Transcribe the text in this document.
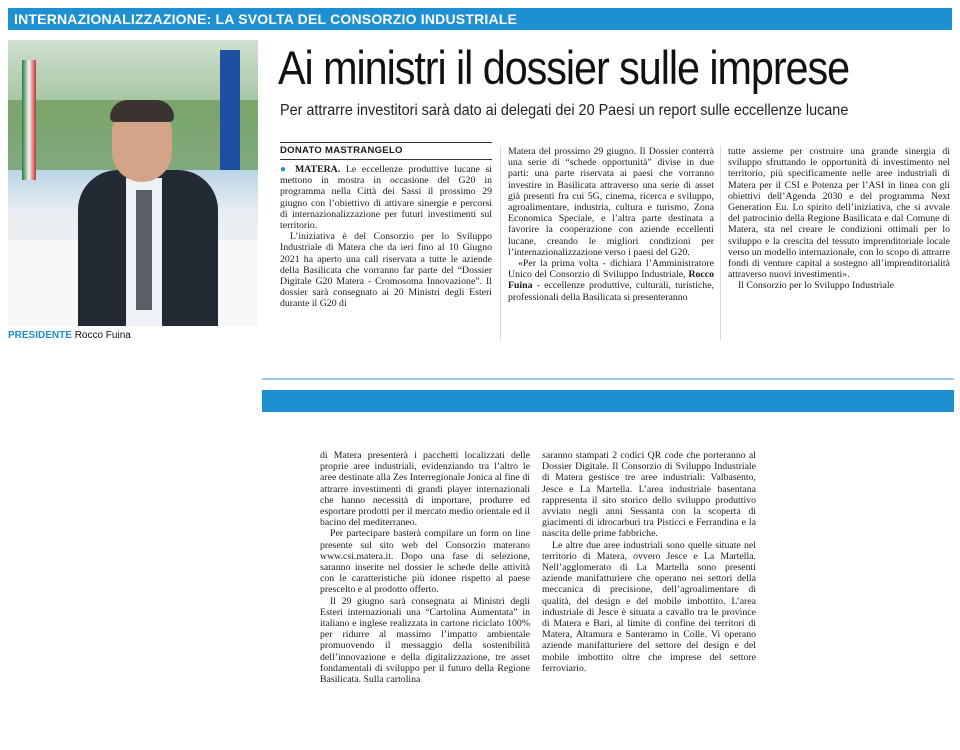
INTERNAZIONALIZZAZIONE: LA SVOLTA DEL CONSORZIO INDUSTRIALE
PRESIDENTE Rocco Fuina
Ai ministri il dossier sulle imprese
Per attrarre investitori sarà dato ai delegati dei 20 Paesi un report sulle eccellenze lucane
DONATO MASTRANGELO

● MATERA. Le eccellenze produttive lucane si mettono in mostra in occasione del G20 in programma nella Città dei Sassi il prossimo 29 giugno con l’obiettivo di attivare sinergie e percorsi di internazionalizzazione per futuri investimenti sul territorio.

L’iniziativa è del Consorzio per lo Sviluppo Industriale di Matera che da ieri fino al 10 Giugno 2021 ha aperto una call riservata a tutte le aziende della Basilicata che vorranno far parte del “Dossier Digitale G20 Matera - Cromosoma Innovazione”. Il dossier sarà consegnato ai 20 Ministri degli Esteri durante il G20 di

Matera del prossimo 29 giugno. Il Dossier conterrà una serie di “schede opportunità” divise in due parti: una parte riservata ai paesi che vorranno investire in Basilicata attraverso una serie di asset già presenti fra cui 5G, cinema, ricerca e sviluppo, agroalimentare, industria, cultura e turismo, Zona Economica Speciale, e l’altra parte destinata a favorire la cooperazione con aziende eccellenti lucane, creando le migliori condizioni per l’internazionalizzazione verso i paesi del G20.

«Per la prima volta - dichiara l’Amministratore Unico del Consorzio di Sviluppo Industriale, Rocco Fuina - eccellenze produttive, culturali, turistiche, professionali della Basilicata si presenteranno

tutte assieme per costruire una grande sinergia di sviluppo sfruttando le opportunità di investimento nel territorio, più specificamente nelle aree industriali di Matera per il CSI e Potenza per l’ASI in linea con gli obiettivi dell’Agenda 2030 e del programma Next Generation Eu. Lo spirito dell’iniziativa, che si avvale del patrocinio della Regione Basilicata e dal Comune di Matera, sta nel creare le condizioni ottimali per lo sviluppo e la crescita del tessuto imprenditoriale locale verso un modello internazionale, con lo scopo di attrarre fondi di venture capital a sostegno all’imprenditorialità attraverso nuovi investimenti».

Il Consorzio per lo Sviluppo Industriale

di Matera presenterà i pacchetti localizzati delle proprie aree industriali, evidenziando tra l’altro le aree destinate alla Zes Interregionale Jonica al fine di attrarre investimenti di grandi player internazionali che hanno necessità di importare, produrre ed esportare prodotti per il mercato medio orientale ed il bacino del mediterraneo.

Per partecipare basterà compilare un form on line presente sul sito web del Consorzio materano www.csi.matera.it. Dopo una fase di selezione, saranno inserite nel dossier le schede delle attività con le caratteristiche più idonee rispetto al paese prescelto e al prodotto offerto.

Il 29 giugno sarà consegnata ai Ministri degli Esteri internazionali una “Cartolina Aumentata” in italiano e inglese realizzata in cartone riciclato 100% per ridurre al massimo l’impatto ambientale promuovendo il messaggio della sostenibilità dell’innovazione e della digitalizzazione, tre asset fondamentali di sviluppo per il futuro della Regione Basilicata. Sulla cartolina

saranno stampati 2 codici QR code che porteranno al Dossier Digitale. Il Consorzio di Sviluppo Industriale di Matera gestisce tre aree industriali: Valbasento, Jesce e La Martella. L’area industriale basentana rappresenta il sito storico dello sviluppo produttivo avviato negli anni Sessanta con la scoperta di giacimenti di idrocarburi tra Pisticci e Ferrandina e la nascita delle prime fabbriche.

Le altre due aree industriali sono quelle situate nel territorio di Matera, ovvero Jesce e La Martella. Nell’agglomerato di La Martella sono presenti aziende manifatturiere che operano nei settori della meccanica di precisione, dell’agroalimentare di qualità, del design e del mobile imbottito. L’area industriale di Jesce è situata a cavallo tra le province di Matera e Bari, al limite di confine dei territori di Matera, Altamura e Santeramo in Colle. Vi operano aziende manifatturiere del settore del design e del mobile imbottito oltre che imprese del settore ferroviario.
